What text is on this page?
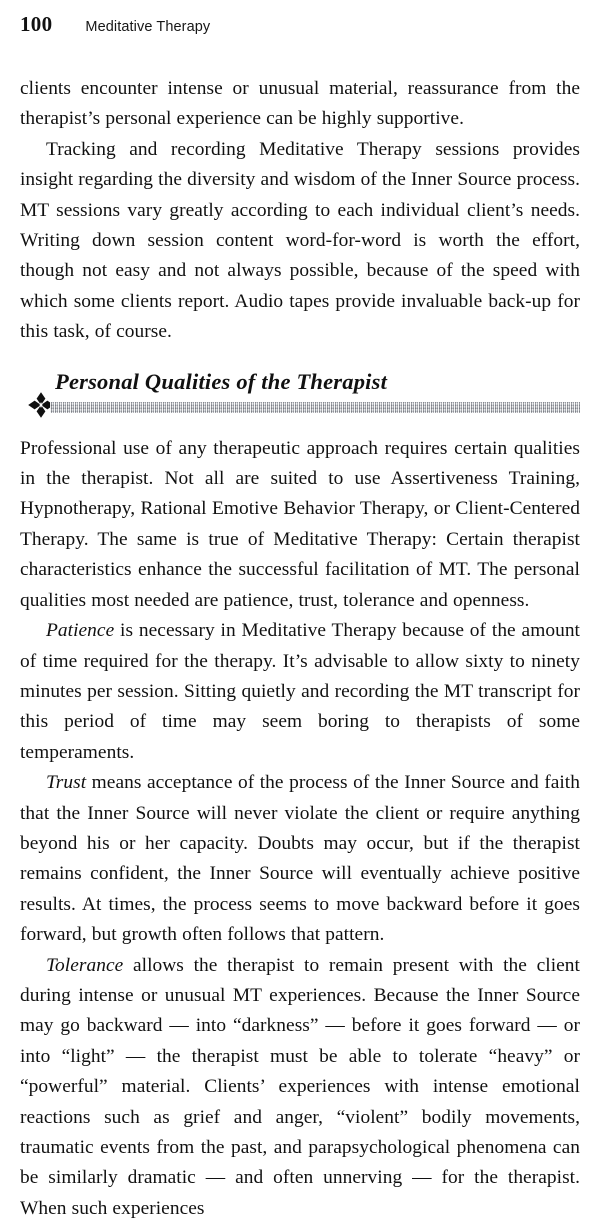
100 Meditative Therapy

clients encounter intense or unusual material, reassurance from the therapist’s personal experience can be highly supportive.

Tracking and recording Meditative Therapy sessions provides insight regarding the diversity and wisdom of the Inner Source process. MT sessions vary greatly according to each individual client’s needs. Writing down session content word-for-word is worth the effort, though not easy and not always possible, because of the speed with which some clients report. Audio tapes provide invaluable back-up for this task, of course.

Personal Qualities of the Therapist

Professional use of any therapeutic approach requires certain qualities in the therapist. Not all are suited to use Assertiveness Training, Hypnotherapy, Rational Emotive Behavior Therapy, or Client-Centered Therapy. The same is true of Meditative Therapy: Certain therapist characteristics enhance the successful facilitation of MT. The personal qualities most needed are patience, trust, tolerance and openness.

Patience is necessary in Meditative Therapy because of the amount of time required for the therapy. It’s advisable to allow sixty to ninety minutes per session. Sitting quietly and recording the MT transcript for this period of time may seem boring to therapists of some temperaments.

Trust means acceptance of the process of the Inner Source and faith that the Inner Source will never violate the client or require anything beyond his or her capacity. Doubts may occur, but if the therapist remains confident, the Inner Source will eventually achieve positive results. At times, the process seems to move backward before it goes forward, but growth often follows that pattern.

Tolerance allows the therapist to remain present with the client during intense or unusual MT experiences. Because the Inner Source may go backward — into “darkness” — before it goes forward — or into “light” — the therapist must be able to tolerate “heavy” or “powerful” material. Clients’ experiences with intense emotional reactions such as grief and anger, “violent” bodily movements, traumatic events from the past, and parapsychological phenomena can be similarly dramatic — and often unnerving — for the therapist. When such experiences
